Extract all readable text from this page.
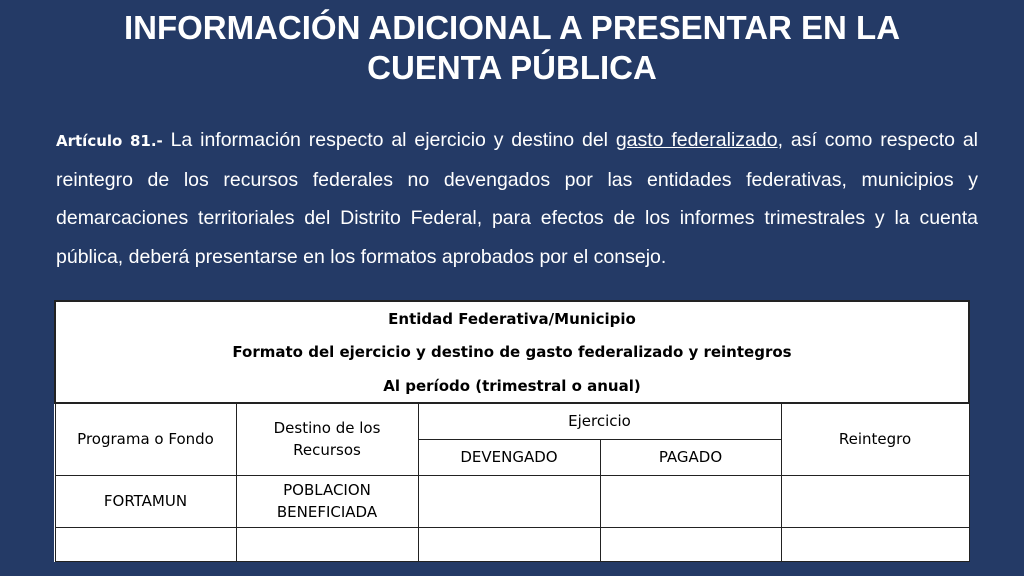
INFORMACIÓN ADICIONAL A PRESENTAR EN LA
CUENTA PÚBLICA

Artículo 81.- La información respecto al ejercicio y destino del gasto federalizado, así como respecto al reintegro de los recursos federales no devengados por las entidades federativas, municipios y demarcaciones territoriales del Distrito Federal, para efectos de los informes trimestrales y la cuenta pública, deberá presentarse en los formatos aprobados por el consejo.

Entidad Federativa/Municipio				
Formato del ejercicio y destino de gasto federalizado y reintegros				
Al período (trimestral o anual)				
Programa o Fondo	Destino de los Recursos	Ejercicio		Reintegro
		DEVENGADO	PAGADO	
FORTAMUN	POBLACION BENEFICIADA			
